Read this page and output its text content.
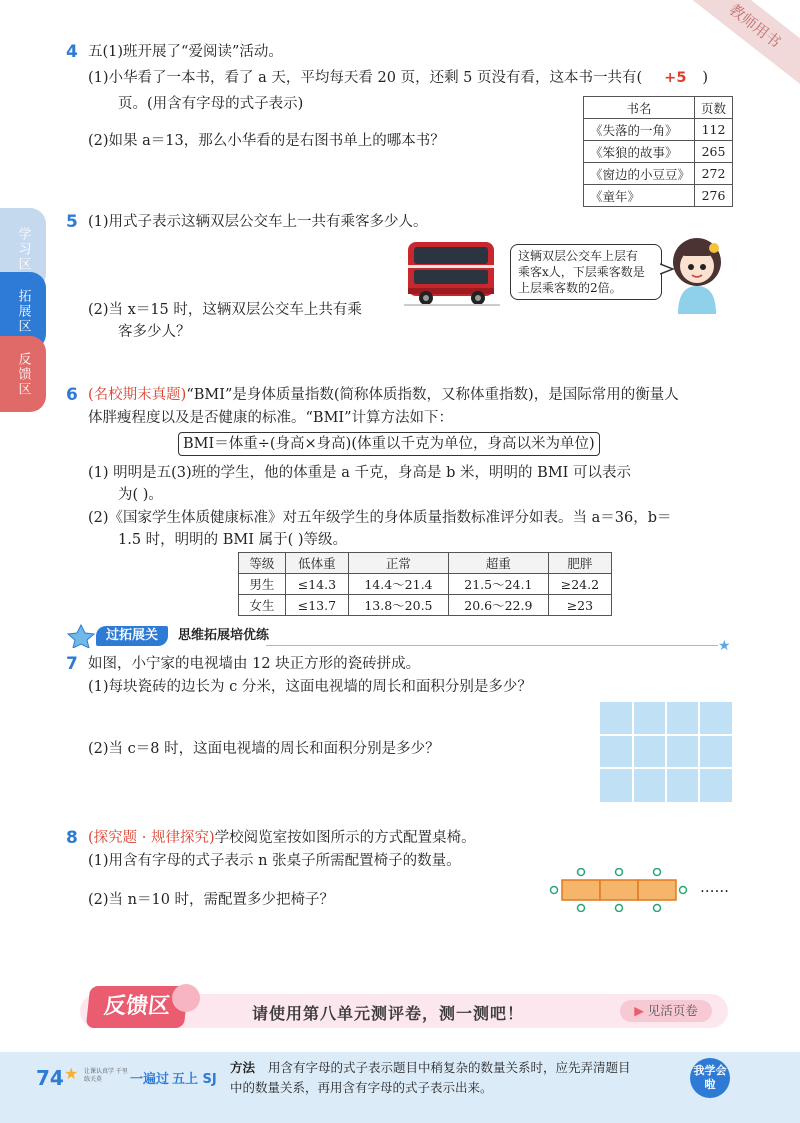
教师用书
学习区
拓展区
反馈区
4 五(1)班开展了“爱阅读”活动。
(1)小华看了一本书，看了 a 天，平均每天看 20 页，还剩 5 页没有看，这本书一共有( +5 )
页。(用含有字母的式子表示)
(2)如果 a＝13，那么小华看的是右图书单上的哪本书？
书名	页数
《失落的一角》	112
《笨狼的故事》	265
《窗边的小豆豆》	272
《童年》	276
5 (1)用式子表示这辆双层公交车上一共有乘客多少人。
这辆双层公交车上层有
乘客x人，下层乘客数是
上层乘客数的2倍。
(2)当 x＝15 时，这辆双层公交车上共有乘
客多少人？
6 (名校期末真题)“BMI”是身体质量指数(简称体质指数，又称体重指数)，是国际常用的衡量人
体胖瘦程度以及是否健康的标准。“BMI”计算方法如下：
BMI＝体重÷(身高×身高)(体重以千克为单位，身高以米为单位)
(1) 明明是五(3)班的学生，他的体重是 a 千克，身高是 b 米，明明的 BMI 可以表示
为( )。
(2)《国家学生体质健康标准》对五年级学生的身体质量指数标准评分如表。当 a＝36，b＝
1.5 时，明明的 BMI 属于( )等级。
等级	低体重	正常	超重	肥胖
男生	≤14.3	14.4～21.4	21.5～24.1	≥24.2
女生	≤13.7	13.8～20.5	20.6～22.9	≥23
过拓展关	思维拓展培优练
★
7 如图，小宁家的电视墙由 12 块正方形的瓷砖拼成。
(1)每块瓷砖的边长为 c 分米，这面电视墙的周长和面积分别是多少？
(2)当 c＝8 时，这面电视墙的周长和面积分别是多少？
8 (探究题 · 规律探究)学校阅览室按如图所示的方式配置桌椅。
(1)用含有字母的式子表示 n 张桌子所需配置椅子的数量。
(2)当 n＝10 时，需配置多少把椅子？
……
反馈区	请使用第八单元测评卷，测一测吧！	▶ 见活页卷
74 ★ 让课认真学 千里练关莫	一遍过 五上 SJ
方法 用含有字母的式子表示题目中稍复杂的数量关系时，应先弄清题目
中的数量关系，再用含有字母的式子表示出来。
我学会啦
